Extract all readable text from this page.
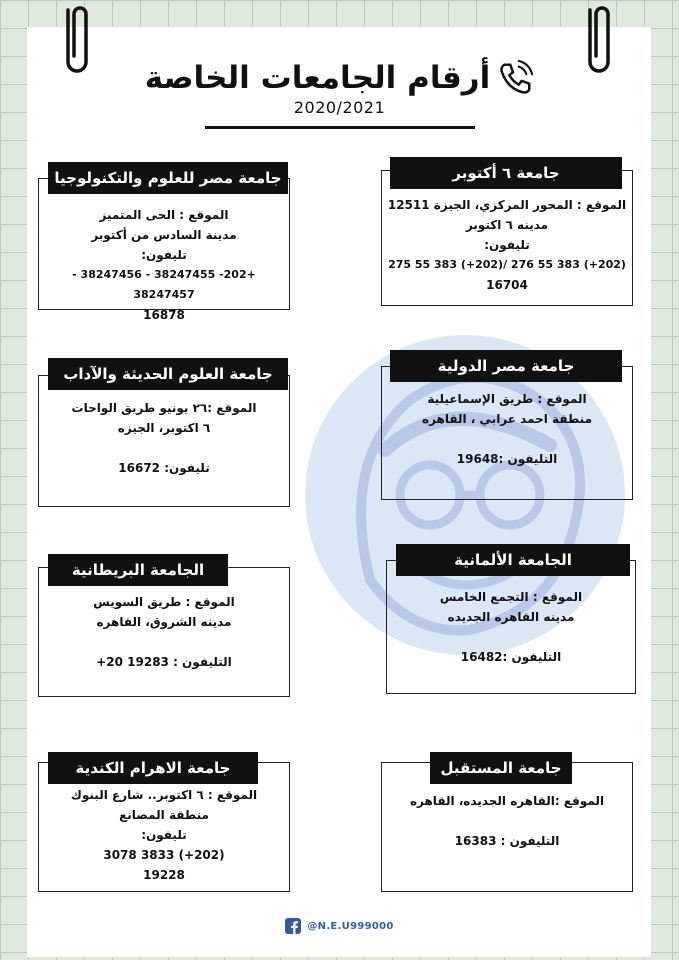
أرقام الجامعات الخاصة
2020/2021
الموقع : الحى المتميز
مدينة السادس من أكتوبر
تليفون:
+202- 38247455 - 38247456 - 38247457
16878
جامعة مصر للعلوم والتكنولوجيا
الموقع : المحور المركزي، الجيزة 12511
مدينه ٦ اكتوبر
تليفون:
(202+) 383 55 276 /(202+) 383 55 275
16704
جامعة ٦ أكتوبر
الموقع :٢٦ يونيو طريق الواحات
٦ اكتوبر، الجيزه
تليفون: 16672
جامعة العلوم الحديثة والآداب
الموقع : طريق الإسماعيلية
منطقة احمد عرابي ، القاهره
التليفون :19648
جامعة مصر الدولية
الموقع : طريق السويس
مدينه الشروق، القاهره
التليفون : 19283 20+
الجامعة البريطانية
الموقع : التجمع الخامس
مدينه القاهره الجديده
التليفون :16482
الجامعة الألمانية
الموقع : ٦ اكتوبر.. شارع البنوك
منطقة المصانع
تليفون:
(202+) 3833 3078
19228
جامعة الاهرام الكندية
الموقع :القاهره الجديده، القاهره
التليفون : 16383
جامعة المستقبل
@N.E.U999000
